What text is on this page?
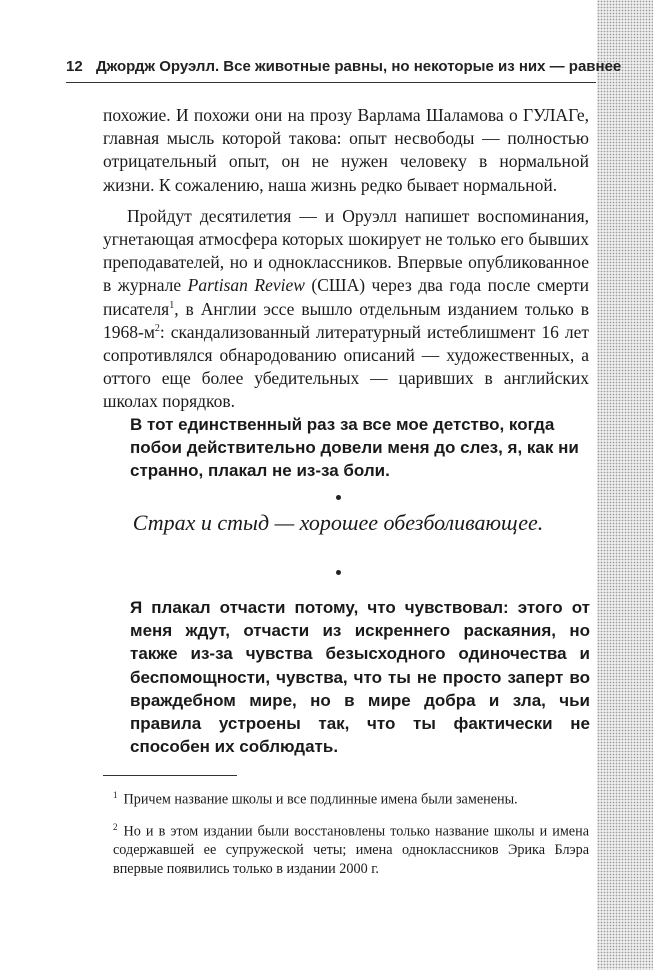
12 Джордж Оруэлл. Все животные равны, но некоторые из них — равнее

похожие. И похожи они на прозу Варлама Шаламова о ГУЛАГе, главная мысль которой такова: опыт несвободы — полностью отрицательный опыт, он не нужен человеку в нормальной жизни. К сожалению, наша жизнь редко бывает нормальной.

Пройдут десятилетия — и Оруэлл напишет воспоминания, угнетающая атмосфера которых шокирует не только его бывших преподавателей, но и одноклассников. Впервые опубликованное в журнале Partisan Review (США) через два года после смерти писателя$^1$, в Англии эссе вышло отдельным изданием только в $1968-м^2$: скандализованный литературный истеблишмент 16 лет сопротивлялся обнародованию описаний — художественных, а оттого еще более убедительных — царивших в английских школах порядков.

В тот единственный раз за все мое детство, когда побои действительно довели меня до слез, я, как ни странно, плакал не из-за боли.
Страх и стыд — хорошее обезболивающее.
Я плакал отчасти потому, что чувствовал: этого от меня ждут, отчасти из искреннего раскаяния, но также из-за чувства безысходного одиночества и беспомощности, чувства, что ты не просто заперт во враждебном мире, но в мире добра и зла, чьи правила устроены так, что ты фактически не способен их соблюдать.

$^1$ Причем название школы и все подлинные имена были заменены.

$^2$ Но и в этом издании были восстановлены только название школы и имена содержавшей ее супружеской четы; имена одноклассников Эрика Блэра впервые появились только в издании 2000 г.
